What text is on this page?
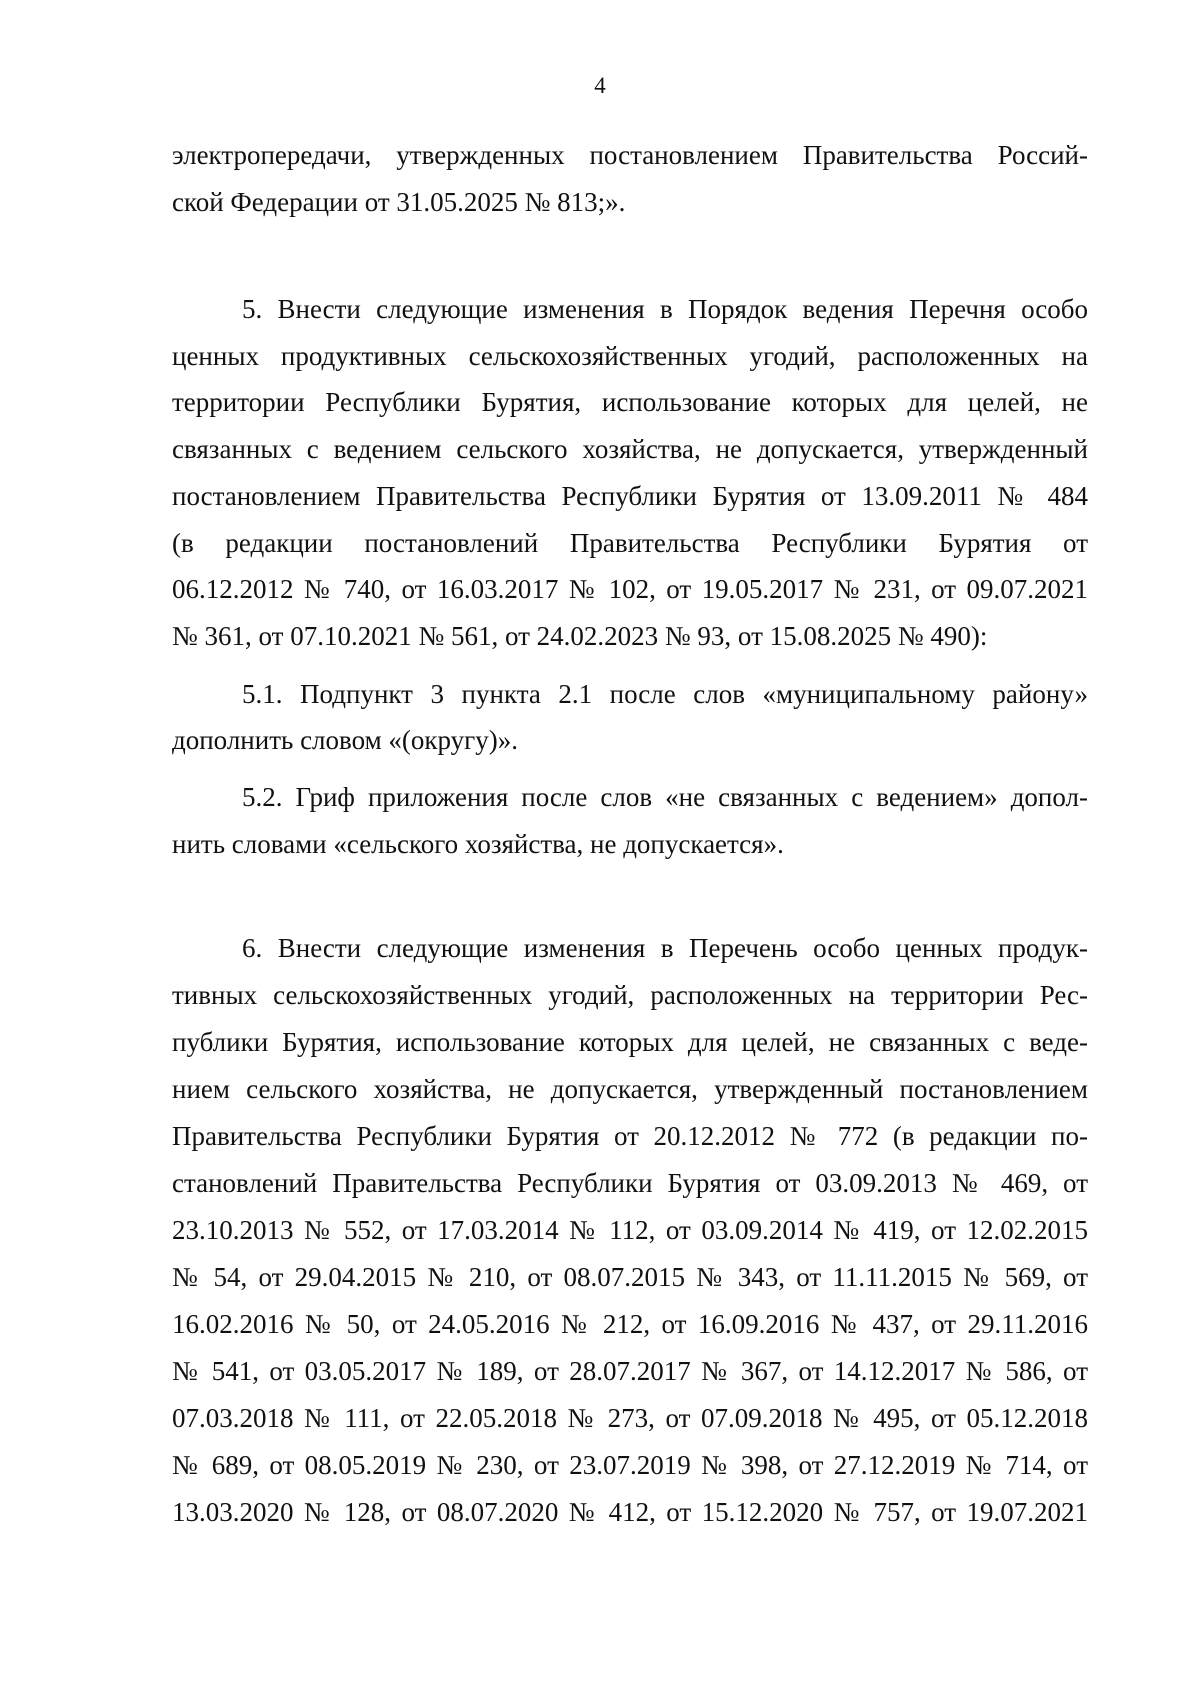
4
электропередачи, утвержденных постановлением Правительства Россий-
ской Федерации от 31.05.2025 № 813;».
5. Внести следующие изменения в Порядок ведения Перечня особо
ценных продуктивных сельскохозяйственных угодий, расположенных на
территории Республики Бурятия, использование которых для целей, не
связанных с ведением сельского хозяйства, не допускается, утвержденный
постановлением Правительства Республики Бурятия от 13.09.2011 № 484
(в редакции постановлений Правительства Республики Бурятия от
06.12.2012 № 740, от 16.03.2017 № 102, от 19.05.2017 № 231, от 09.07.2021
№ 361, от 07.10.2021 № 561, от 24.02.2023 № 93, от 15.08.2025 № 490):
5.1. Подпункт 3 пункта 2.1 после слов «муниципальному району»
дополнить словом «(округу)».
5.2. Гриф приложения после слов «не связанных с ведением» допол-
нить словами «сельского хозяйства, не допускается».
6. Внести следующие изменения в Перечень особо ценных продук-
тивных сельскохозяйственных угодий, расположенных на территории Рес-
публики Бурятия, использование которых для целей, не связанных с веде-
нием сельского хозяйства, не допускается, утвержденный постановлением
Правительства Республики Бурятия от 20.12.2012 № 772 (в редакции по-
становлений Правительства Республики Бурятия от 03.09.2013 № 469, от
23.10.2013 № 552, от 17.03.2014 № 112, от 03.09.2014 № 419, от 12.02.2015
№ 54, от 29.04.2015 № 210, от 08.07.2015 № 343, от 11.11.2015 № 569, от
16.02.2016 № 50, от 24.05.2016 № 212, от 16.09.2016 № 437, от 29.11.2016
№ 541, от 03.05.2017 № 189, от 28.07.2017 № 367, от 14.12.2017 № 586, от
07.03.2018 № 111, от 22.05.2018 № 273, от 07.09.2018 № 495, от 05.12.2018
№ 689, от 08.05.2019 № 230, от 23.07.2019 № 398, от 27.12.2019 № 714, от
13.03.2020 № 128, от 08.07.2020 № 412, от 15.12.2020 № 757, от 19.07.2021
